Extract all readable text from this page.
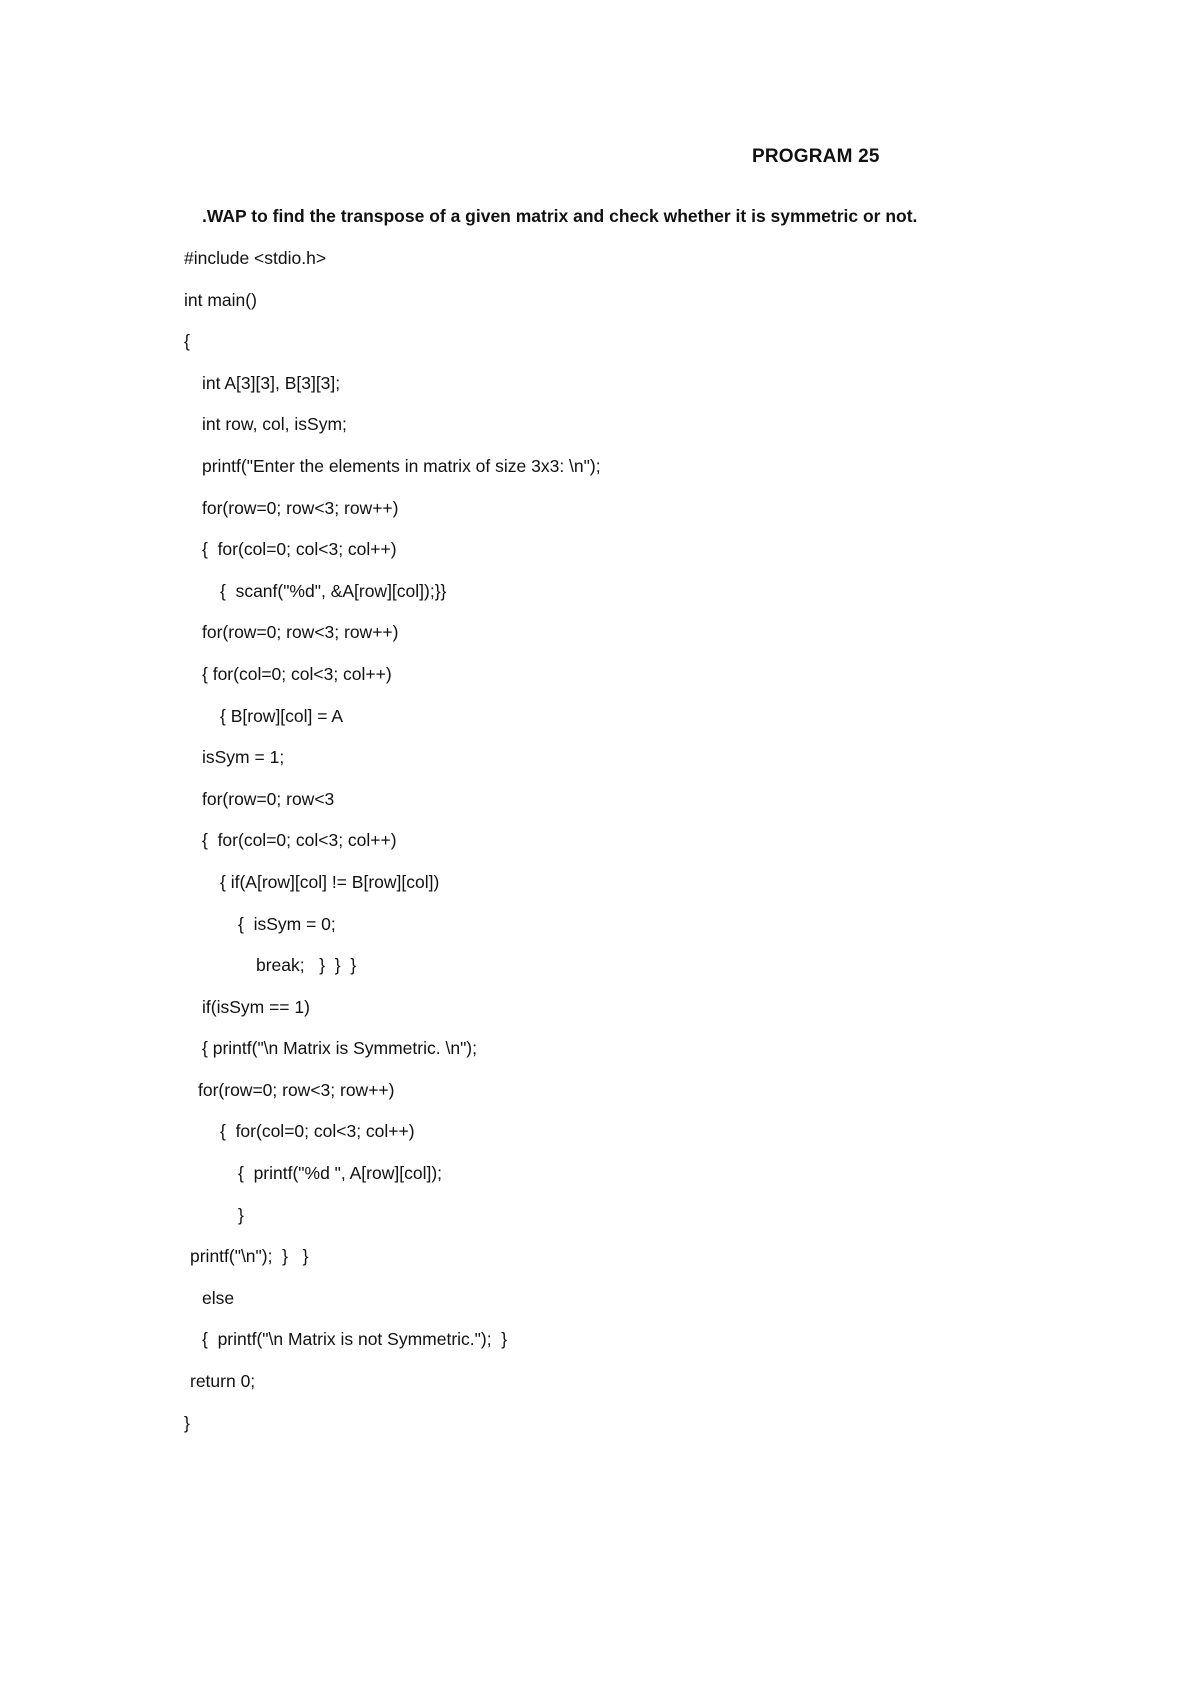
PROGRAM 25
.WAP to find the transpose of a given matrix and check whether it is symmetric or not.
#include <stdio.h>
int main()
{
int A[3][3], B[3][3];
int row, col, isSym;
printf("Enter the elements in matrix of size 3x3: \n");
for(row=0; row<3; row++)
{  for(col=0; col<3; col++)
{  scanf("%d", &A[row][col]);}}
for(row=0; row<3; row++)
{ for(col=0; col<3; col++)
{ B[row][col] = A
isSym = 1;
for(row=0; row<3
{  for(col=0; col<3; col++)
{ if(A[row][col] != B[row][col])
{  isSym = 0;
break;   }  }  }
if(isSym == 1)
{ printf("\n Matrix is Symmetric. \n");
for(row=0; row<3; row++)
{  for(col=0; col<3; col++)
{  printf("%d ", A[row][col]);
}
printf("\n");  }   }
else
{  printf("\n Matrix is not Symmetric.");  }
return 0;
}
